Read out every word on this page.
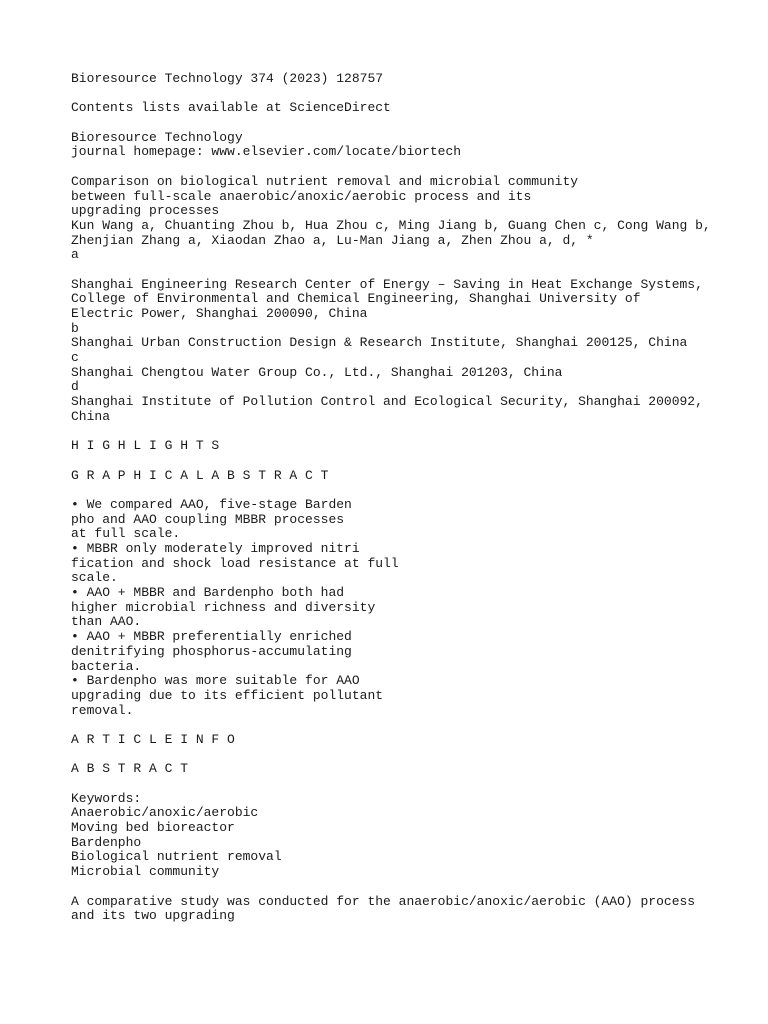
Bioresource Technology 374 (2023) 128757
Contents lists available at ScienceDirect
Bioresource Technology
journal homepage: www.elsevier.com/locate/biortech
Comparison on biological nutrient removal and microbial community
between full-scale anaerobic/anoxic/aerobic process and its
upgrading processes
Kun Wang a, Chuanting Zhou b, Hua Zhou c, Ming Jiang b, Guang Chen c, Cong Wang b,
Zhenjian Zhang a, Xiaodan Zhao a, Lu-Man Jiang a, Zhen Zhou a, d, *
a
Shanghai Engineering Research Center of Energy – Saving in Heat Exchange Systems,
College of Environmental and Chemical Engineering, Shanghai University of
Electric Power, Shanghai 200090, China
b
Shanghai Urban Construction Design & Research Institute, Shanghai 200125, China
c
Shanghai Chengtou Water Group Co., Ltd., Shanghai 201203, China
d
Shanghai Institute of Pollution Control and Ecological Security, Shanghai 200092,
China
H I G H L I G H T S
G R A P H I C A L A B S T R A C T
• We compared AAO, five-stage Barden
pho and AAO coupling MBBR processes
at full scale.
• MBBR only moderately improved nitri
fication and shock load resistance at full
scale.
• AAO + MBBR and Bardenpho both had
higher microbial richness and diversity
than AAO.
• AAO + MBBR preferentially enriched
denitrifying phosphorus-accumulating
bacteria.
• Bardenpho was more suitable for AAO
upgrading due to its efficient pollutant
removal.
A R T I C L E I N F O
A B S T R A C T
Keywords:
Anaerobic/anoxic/aerobic
Moving bed bioreactor
Bardenpho
Biological nutrient removal
Microbial community
A comparative study was conducted for the anaerobic/anoxic/aerobic (AAO) process
and its two upgrading
